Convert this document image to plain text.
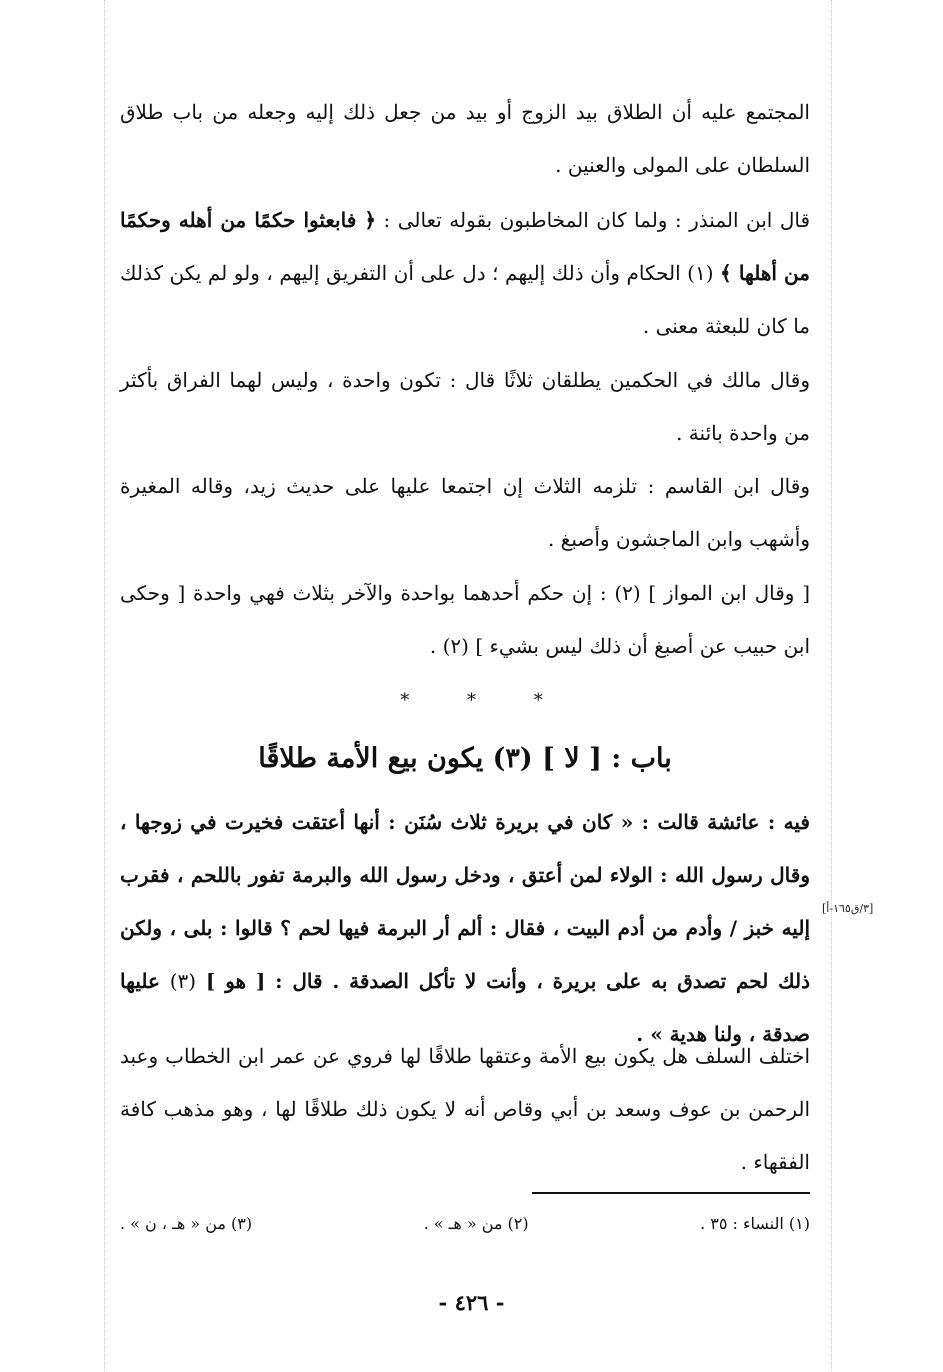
المجتمع عليه أن الطلاق بيد الزوج أو بيد من جعل ذلك إليه وجعله من باب طلاق السلطان على المولى والعنين .

قال ابن المنذر : ولما كان المخاطبون بقوله تعالى : ﴿ فابعثوا حكمًا من أهله وحكمًا من أهلها ﴾ (١) الحكام وأن ذلك إليهم ؛ دل على أن التفريق إليهم ، ولو لم يكن كذلك ما كان للبعثة معنى .

وقال مالك في الحكمين يطلقان ثلاثًا قال : تكون واحدة ، وليس لهما الفراق بأكثر من واحدة بائنة .

وقال ابن القاسم : تلزمه الثلاث إن اجتمعا عليها على حديث زيد، وقاله المغيرة وأشهب وابن الماجشون وأصبغ .

[ وقال ابن المواز ] (٢) : إن حكم أحدهما بواحدة والآخر بثلاث فهي واحدة [ وحكى ابن حبيب عن أصبغ أن ذلك ليس بشيء ] (٢) .

* * *
باب : [ لا ] (٣) يكون بيع الأمة طلاقًا

فيه : عائشة قالت : « كان في بريرة ثلاث سُنَن : أنها أعتقت فخيرت في زوجها ، وقال رسول الله : الولاء لمن أعتق ، ودخل رسول الله والبرمة تفور باللحم ، فقرب إليه خبز / وأدم من أدم البيت ، فقال : ألم أر البرمة فيها لحم ؟ قالوا : بلى ، ولكن ذلك لحم تصدق به على بريرة ، وأنت لا تأكل الصدقة . قال : [ هو ] (٣) عليها صدقة ، ولنا هدية » .

[٣/ق١٦٥-أ]

اختلف السلف هل يكون بيع الأمة وعتقها طلاقًا لها فروي عن عمر ابن الخطاب وعبد الرحمن بن عوف وسعد بن أبي وقاص أنه لا يكون ذلك طلاقًا لها ، وهو مذهب كافة الفقهاء .

(١) النساء : ٣٥ .
(٢) من « هـ » .
(٣) من « هـ ، ن » .
- ٤٢٦ -
